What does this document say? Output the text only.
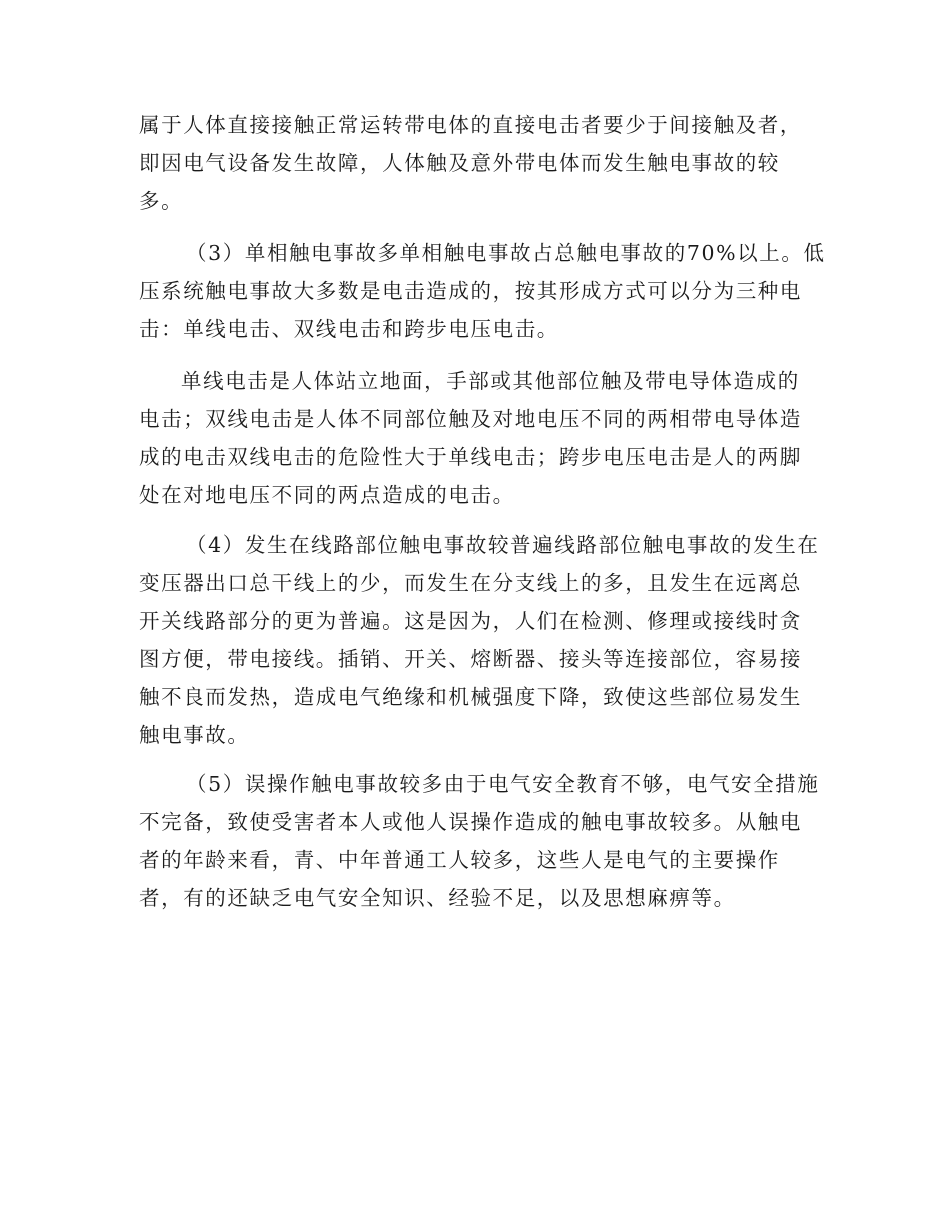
属于人体直接接触正常运转带电体的直接电击者要少于间接触及者，
即因电气设备发生故障，人体触及意外带电体而发生触电事故的较
多。
（3）单相触电事故多单相触电事故占总触电事故的70%以上。低
压系统触电事故大多数是电击造成的，按其形成方式可以分为三种电
击：单线电击、双线电击和跨步电压电击。
单线电击是人体站立地面，手部或其他部位触及带电导体造成的
电击；双线电击是人体不同部位触及对地电压不同的两相带电导体造
成的电击双线电击的危险性大于单线电击；跨步电压电击是人的两脚
处在对地电压不同的两点造成的电击。
（4）发生在线路部位触电事故较普遍线路部位触电事故的发生在
变压器出口总干线上的少，而发生在分支线上的多，且发生在远离总
开关线路部分的更为普遍。这是因为，人们在检测、修理或接线时贪
图方便，带电接线。插销、开关、熔断器、接头等连接部位，容易接
触不良而发热，造成电气绝缘和机械强度下降，致使这些部位易发生
触电事故。
（5）误操作触电事故较多由于电气安全教育不够，电气安全措施
不完备，致使受害者本人或他人误操作造成的触电事故较多。从触电
者的年龄来看，青、中年普通工人较多，这些人是电气的主要操作
者，有的还缺乏电气安全知识、经验不足，以及思想麻痹等。
